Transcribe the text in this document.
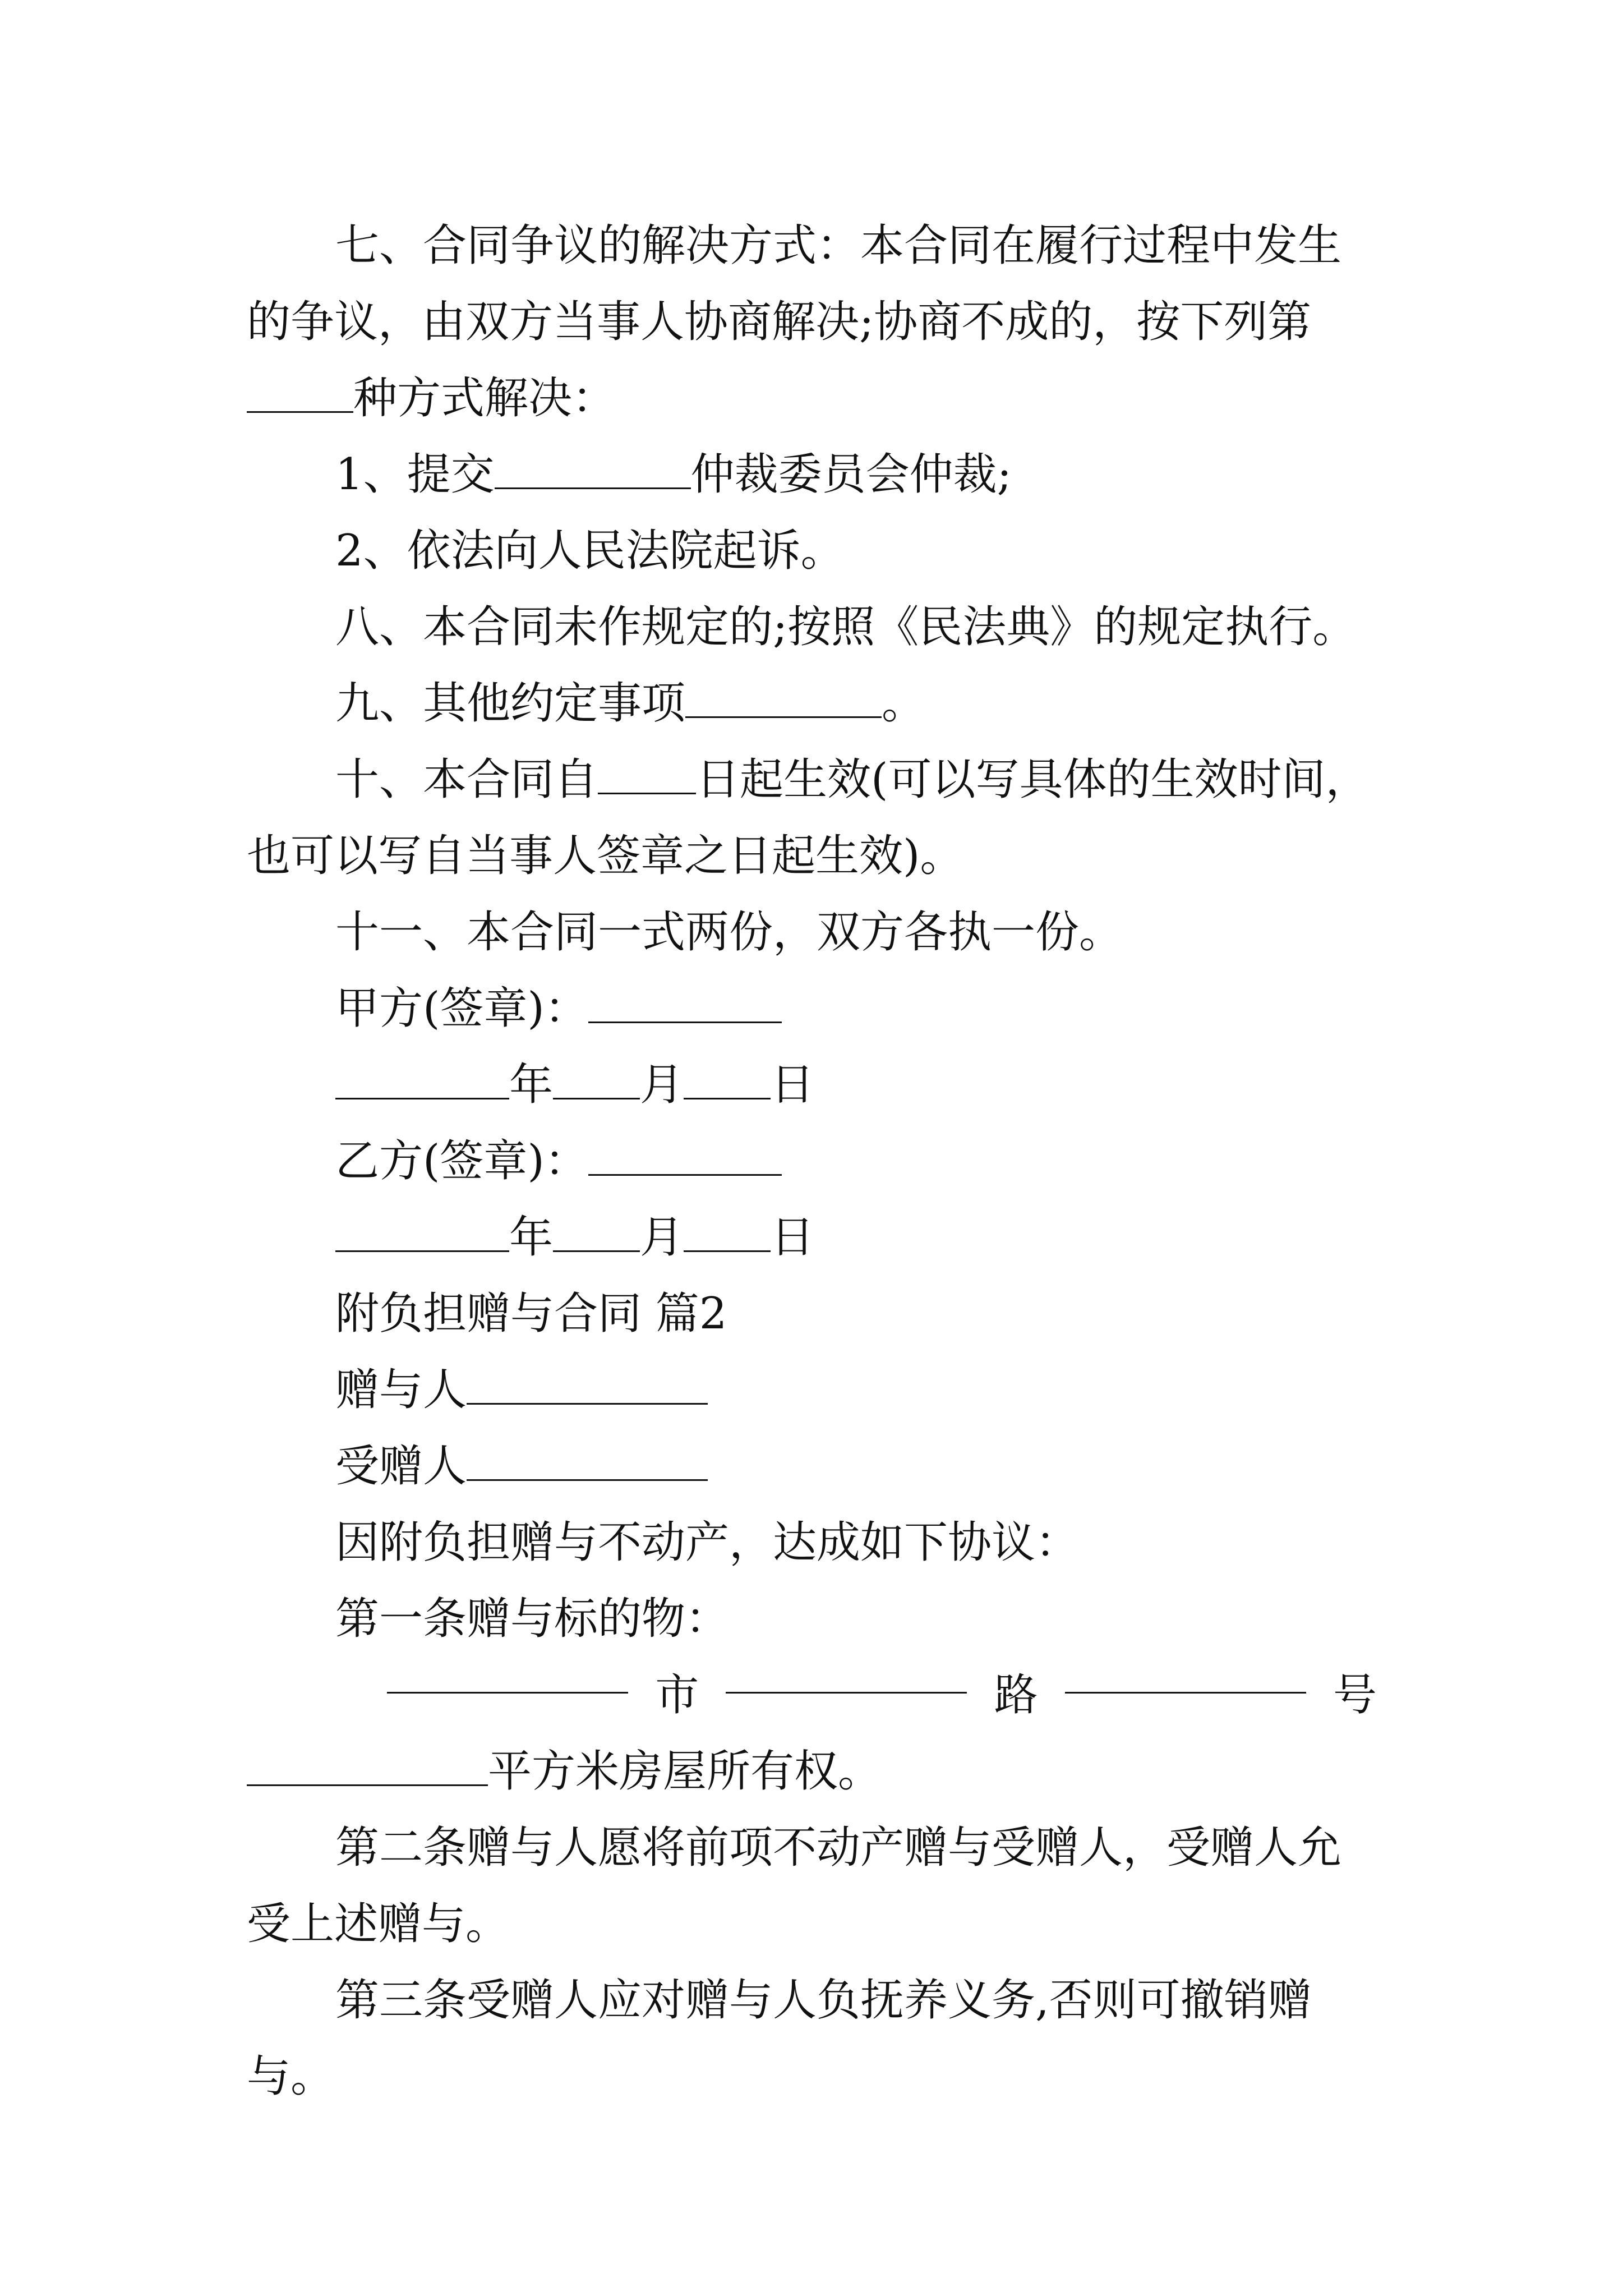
七、合同争议的解决方式：本合同在履行过程中发生的争议，由双方当事人协商解决;协商不成的，按下列第种方式解决：

1、提交	仲裁委员会仲裁;

2、依法向人民法院起诉。

八、本合同未作规定的;按照《民法典》的规定执行。

九、其他约定事项	。

十、本合同自 日起生效(可以写具体的生效时间，也可以写自当事人签章之日起生效)。

十一、本合同一式两份，双方各执一份。

甲方(签章)：

年 月 日

乙方(签章)：

年 月 日

附负担赠与合同 篇2

赠与人

受赠人

因附负担赠与不动产，达成如下协议：

第一条赠与标的物：

市	路	号

平方米房屋所有权。

第二条赠与人愿将前项不动产赠与受赠人，受赠人允受上述赠与。

第三条受赠人应对赠与人负抚养义务,否则可撤销赠与。
